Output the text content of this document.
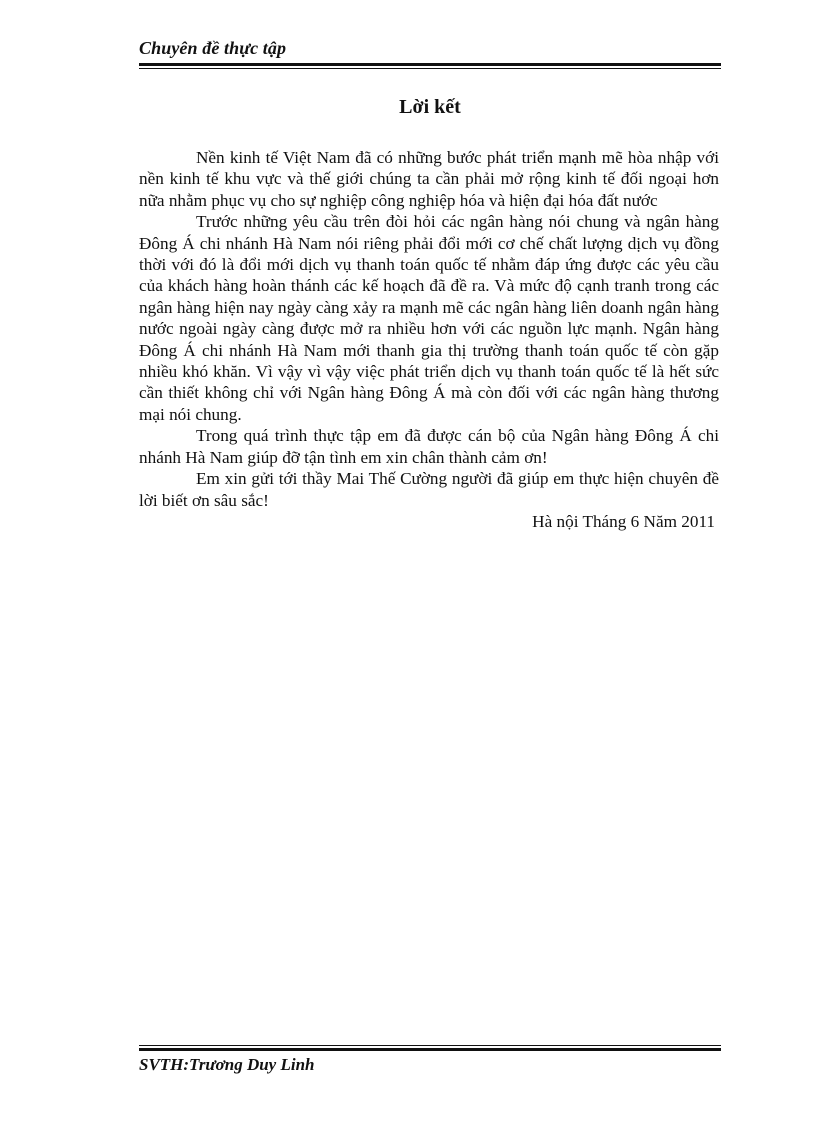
Chuyên đề thực tập
Lời kết

Nền kinh tế Việt Nam đã có những bước phát triển mạnh mẽ hòa nhập với nền kinh tế khu vực và thế giới chúng ta cần phải mở rộng kinh tế đối ngoại hơn nữa nhằm phục vụ cho sự nghiệp công nghiệp hóa và hiện đại hóa đất nước

Trước những yêu cầu trên đòi hỏi các ngân hàng nói chung và ngân hàng Đông Á chi nhánh Hà Nam nói riêng phải đổi mới cơ chế chất lượng dịch vụ đồng thời với đó là đổi mới dịch vụ thanh toán quốc tế nhằm đáp ứng được các yêu cầu của khách hàng hoàn thánh các kế hoạch đã đề ra. Và mức độ cạnh tranh trong các ngân hàng hiện nay ngày càng xảy ra mạnh mẽ các ngân hàng liên doanh ngân hàng nước ngoài ngày càng được mở ra nhiều hơn với các nguồn lực mạnh. Ngân hàng Đông Á chi nhánh Hà Nam mới thanh gia thị trường thanh toán quốc tế còn gặp nhiều khó khăn. Vì vậy vì vậy việc phát triển dịch vụ thanh toán quốc tế là hết sức cần thiết không chỉ với Ngân hàng Đông Á mà còn đối với các ngân hàng thương mại nói chung.

Trong quá trình thực tập em đã được cán bộ của Ngân hàng Đông Á chi nhánh Hà Nam giúp đỡ tận tình em xin chân thành cảm ơn!

Em xin gửi tới thầy Mai Thế Cường người đã giúp em thực hiện chuyên đề lời biết ơn sâu sắc!

Hà nội Tháng 6 Năm 2011

SVTH:Trương Duy Linh
